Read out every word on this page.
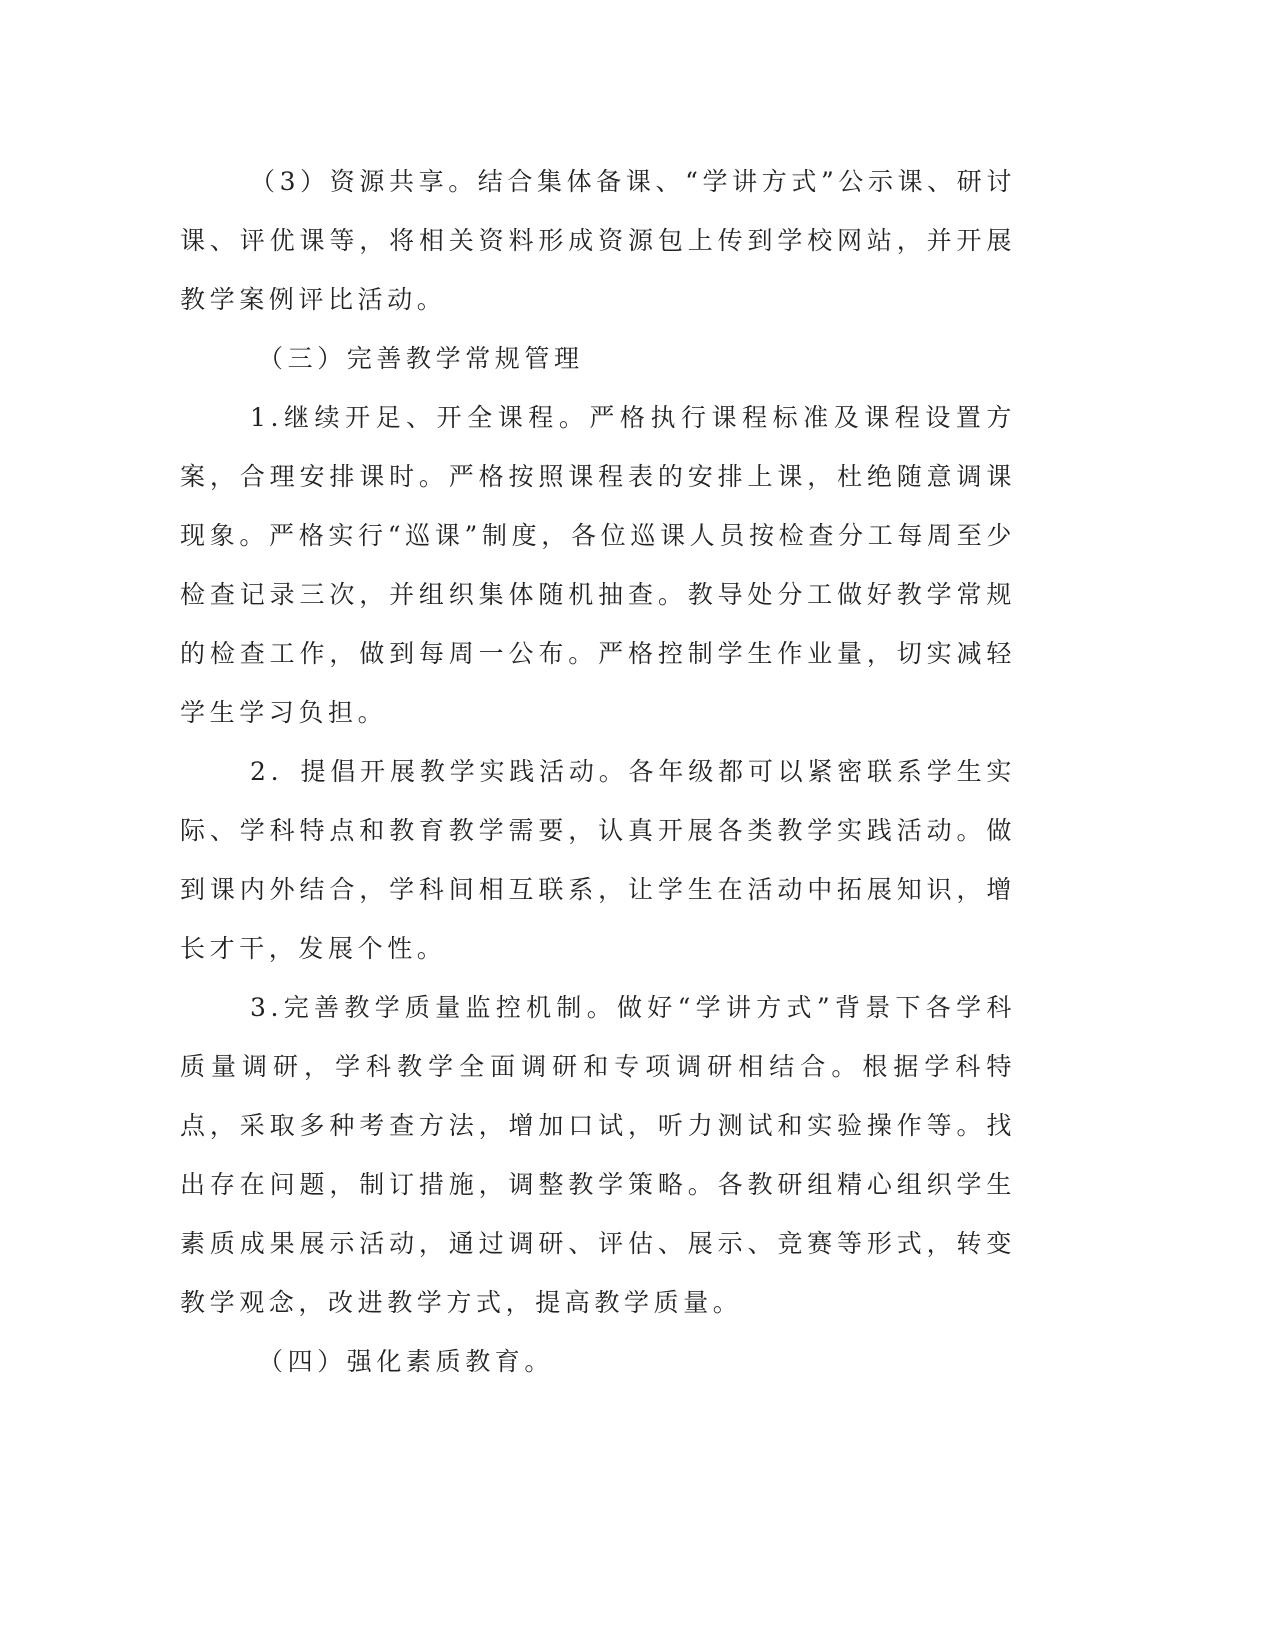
（3）资源共享。结合集体备课、“学讲方式”公示课、研讨课、评优课等，将相关资料形成资源包上传到学校网站，并开展教学案例评比活动。

（三）完善教学常规管理

1.继续开足、开全课程。严格执行课程标准及课程设置方案，合理安排课时。严格按照课程表的安排上课，杜绝随意调课现象。严格实行“巡课”制度，各位巡课人员按检查分工每周至少检查记录三次，并组织集体随机抽查。教导处分工做好教学常规的检查工作，做到每周一公布。严格控制学生作业量，切实减轻学生学习负担。

2．提倡开展教学实践活动。各年级都可以紧密联系学生实际、学科特点和教育教学需要，认真开展各类教学实践活动。做到课内外结合，学科间相互联系，让学生在活动中拓展知识，增长才干，发展个性。

3.完善教学质量监控机制。做好“学讲方式”背景下各学科质量调研，学科教学全面调研和专项调研相结合。根据学科特点，采取多种考查方法，增加口试，听力测试和实验操作等。找出存在问题，制订措施，调整教学策略。各教研组精心组织学生素质成果展示活动，通过调研、评估、展示、竞赛等形式，转变教学观念，改进教学方式，提高教学质量。

（四）强化素质教育。
